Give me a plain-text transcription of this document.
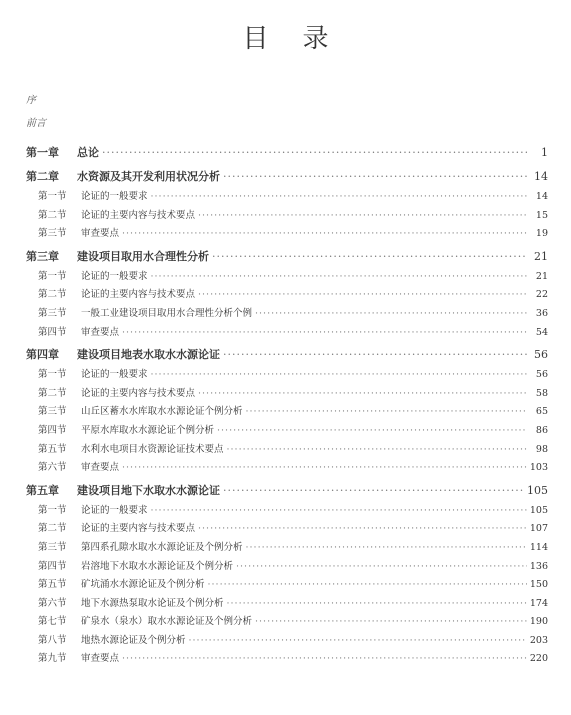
目录
序
前言
第一章	总论 ·····	1
第二章	水资源及其开发利用状况分析 ·····	14
第一节	论证的一般要求 ·····	14
第二节	论证的主要内容与技术要点 ·····	15
第三节	审查要点 ·····	19
第三章	建设项目取用水合理性分析 ·····	21
第一节	论证的一般要求 ·····	21
第二节	论证的主要内容与技术要点 ·····	22
第三节	一般工业建设项目取用水合理性分析个例 ·····	36
第四节	审查要点 ·····	54
第四章	建设项目地表水取水水源论证 ·····	56
第一节	论证的一般要求 ·····	56
第二节	论证的主要内容与技术要点 ·····	58
第三节	山丘区蓄水水库取水水源论证个例分析 ·····	65
第四节	平原水库取水水源论证个例分析 ·····	86
第五节	水利水电项目水资源论证技术要点 ·····	98
第六节	审查要点 ·····	103
第五章	建设项目地下水取水水源论证 ·····	105
第一节	论证的一般要求 ·····	105
第二节	论证的主要内容与技术要点 ·····	107
第三节	第四系孔隙水取水水源论证及个例分析 ·····	114
第四节	岩溶地下水取水水源论证及个例分析 ·····	136
第五节	矿坑涌水水源论证及个例分析 ·····	150
第六节	地下水源热泵取水论证及个例分析 ·····	174
第七节	矿泉水（泉水）取水水源论证及个例分析 ·····	190
第八节	地热水源论证及个例分析 ·····	203
第九节	审查要点 ·····	220
